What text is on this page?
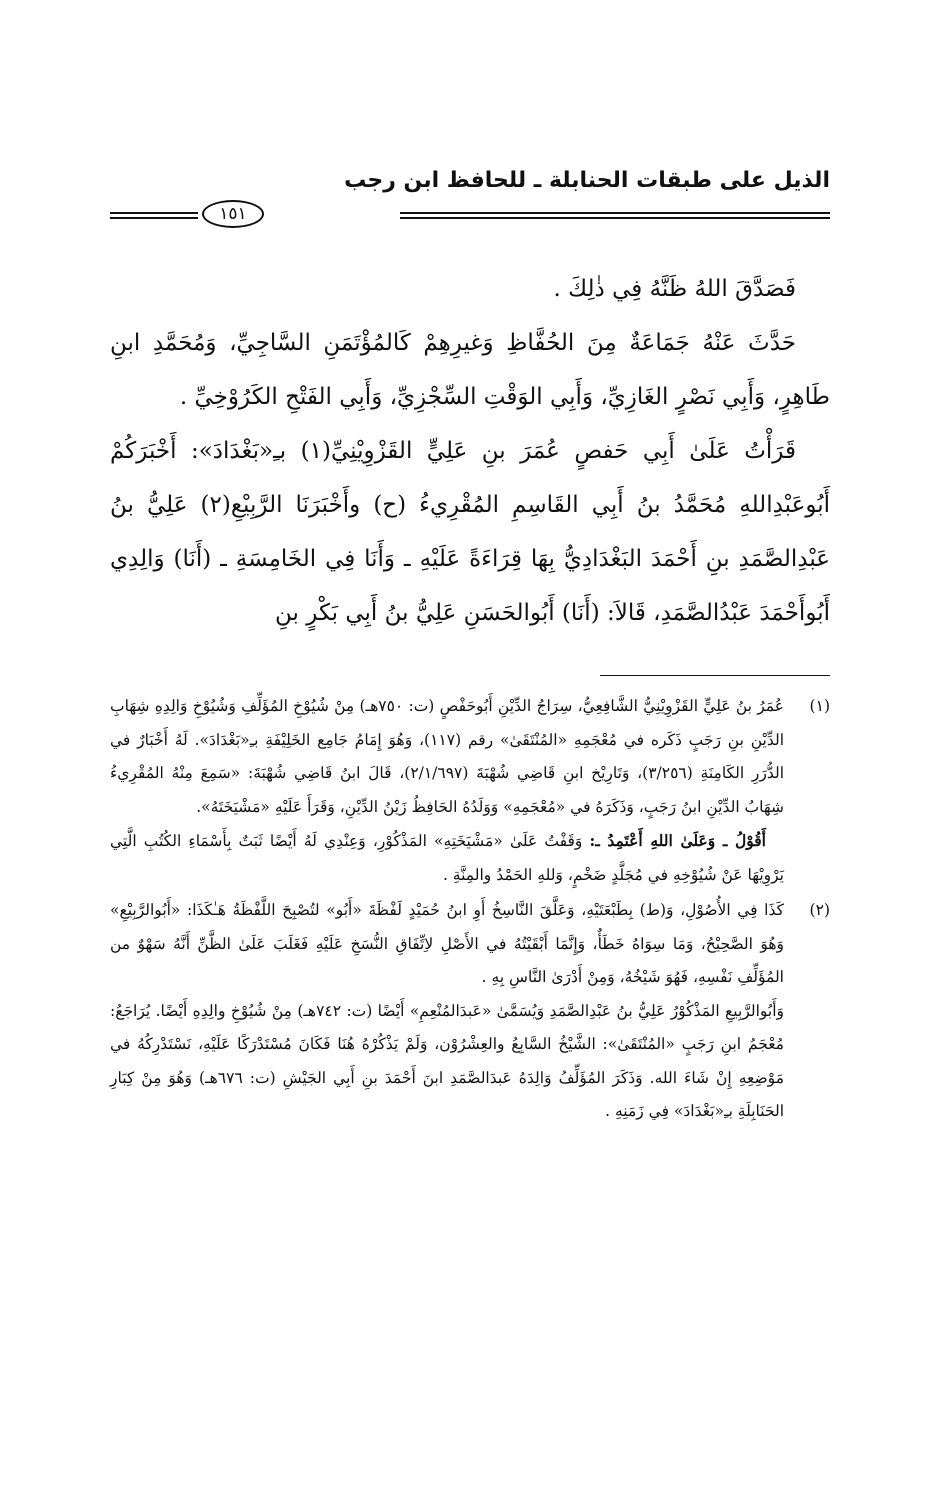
الذيل على طبقات الحنابلة ـ للحافظ ابن رجب
١٥١

فَصَدَّقَ اللهُ ظَنَّهُ فِي ذٰلِكَ .

حَدَّثَ عَنْهُ جَمَاعَةٌ مِنَ الحُفَّاظِ وَغيرِهِمْ كَالمُؤْتَمَنِ السَّاجِيِّ، وَمُحَمَّدِ ابنِ طَاهِرٍ، وَأَبِي نَصْرٍ الغَازِيِّ، وَأَبِي الوَقْتِ السِّجْزِيِّ، وَأَبِي الفَتْحِ الكَرُوْخِيِّ .

قَرَأْتُ عَلَىٰ أَبِي حَفصٍ عُمَرَ بنِ عَلِيٍّ القَزْوِيْنِيِّ(١) بـِ«بَغْدَادَ»: أَخْبَرَكُمْ أَبُوعَبْدِاللهِ مُحَمَّدُ بنُ أَبِي القَاسِمِ المُقْرِيءُ (ح) وأَخْبَرَنَا الرَّبِيْعِ(٢) عَلِيُّ بنُ عَبْدِالصَّمَدِ بنِ أَحْمَدَ البَغْدَادِيُّ بِهَا قِرَاءَةً عَلَيْهِ ـ وَأَنَا فِي الخَامِسَةِ ـ (أَنَا) وَالِدِي أَبُوأَحْمَدَ عَبْدُالصَّمَدِ، قَالاَ: (أَنَا) أَبُوالحَسَنِ عَلِيُّ بنُ أَبِي بَكْرٍ بنِ

(١)

عُمَرُ بنُ عَلِيٍّ القَزْوِيْنِيُّ الشَّافِعِيُّ، سِرَاجُ الدِّيْنِ أَبُوحَفْصٍ (ت: ٧٥٠هـ) مِنْ شُيُوْخِ المُؤَلِّفِ وَشُيُوْخِ وَالِدِهِ شِهَابِ الدِّيْنِ بنِ رَجَبٍ ذَكَره في مُعْجَمِهِ «المُنْتَقَىٰ» رقم (١١٧)، وَهُوَ إِمَامُ جَامِع الخَلِيْفَةِ بـِ«بَغْدَادَ». لَهُ أَخْبَارٌ في الدُّرَرِ الكَامِنَةِ (٣/٢٥٦)، وَتَارِيْخ ابنِ قَاضِي شُهْبَةَ (٢/١/٦٩٧)، قَالَ ابنُ قَاضِي شُهْبَةَ: «سَمِعَ مِنْهُ المُقْرِيءُ شِهَابُ الدِّيْنِ ابنُ رَجَبٍ، وَذَكَرَهُ في «مُعْجَمِهِ» وَوَلَدُهُ الحَافِظُ زَيْنُ الدِّيْنِ، وَقَرَأَ عَلَيْهِ «مَشْيَخَتَهُ».

أَقُوْلُ ـ وَعَلَىٰ اللهِ أَعْتَمِدُ ـ: وَقَفْتُ عَلَىٰ «مَشْيَخَتِهِ» المَذْكُوْرِ، وَعِنْدِي لَهُ أَيْضًا ثَبَتٌ بِأَسْمَاءِ الكُتُبِ الَّتِي يَرْوِيْهَا عَنْ شُيُوْخِهِ في مُجَلَّدٍ ضَخْمٍ، وَللهِ الحَمْدُ والمِنَّةِ .

(٢)

كَذَا فِي الأُصُوْلِ، وَ(ط) بِطَبْعَتَيْهِ، وَعَلَّقَ النَّاسِخُ أَوِ ابنُ حُمَيْدٍ لَفْظَةَ «أَبُو» لتُصْبِحَ اللَّفْظَةُ هَـٰكَذَا: «أَبُوالرَّبِيْعِ» وَهُوَ الصَّحِيْحُ، وَمَا سِوَاهُ خَطَأٌ، وَإِنَّمَا أَبْقَيْتُهُ في الأَصْلِ لاِتِّفَاقِ النُّسَخِ عَلَيْهِ فَغَلَبَ عَلَىٰ الظَّنِّ أَنَّهُ سَهْوٌ من المُؤَلِّفِ نَفْسِهِ، فَهُوَ شَيْخُهُ، وَمِنْ أَدْرَىٰ النَّاسِ بِهِ .

وَأَبُوالرَّبِيعِ المَذْكُوْرُ عَلِيُّ بنُ عَبْدِالصَّمَدِ وَيُسَمَّىٰ «عَبدَالمُنْعِمِ» أَيْضًا (ت: ٧٤٢هـ) مِنْ شُيُوْخِ والِدِهِ أَيْضًا. يُرَاجَعُ: مُعْجَمُ ابنِ رَجَبٍ «المُنْتَقَىٰ»: الشَّيْخُ السَّابِعُ والعِشْرُوْن، وَلَمْ يَذْكُرْهُ هُنَا فَكَانَ مُسْتَدْرَكًا عَلَيْهِ، نَسْتَدْرِكُهُ في مَوْضِعِهِ إِنْ شَاءَ الله. وَذَكَرَ المُؤَلِّفُ وَالِدَهُ عَبدَالصَّمَدِ ابنَ أَحْمَدَ بنِ أَبِي الجَيْشِ (ت: ٦٧٦هـ) وَهُوَ مِنْ كِبَارِ الحَنَابِلَةِ بـِ«بَغْدَادَ» فِي زَمَنِهِ .
